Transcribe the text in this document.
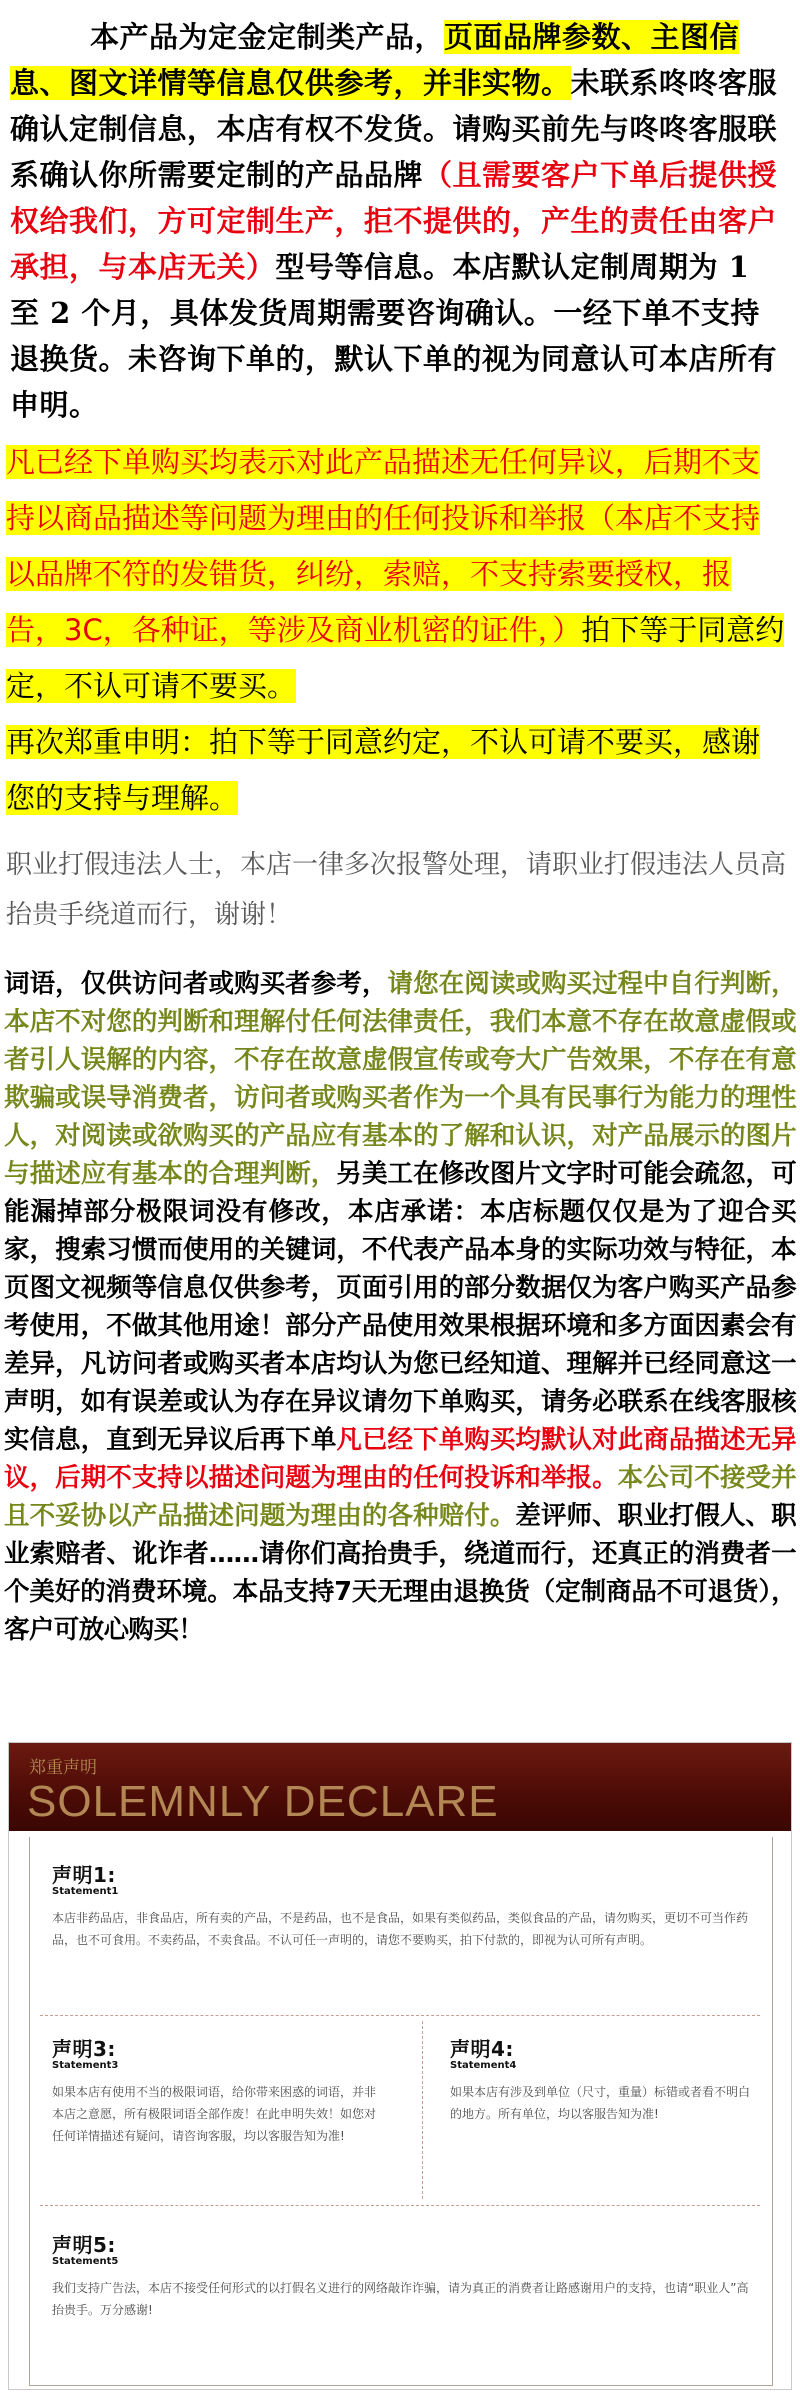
本产品为定金定制类产品，页面品牌参数、主图信息、图文详情等信息仅供参考，并非实物。未联系咚咚客服确认定制信息，本店有权不发货。请购买前先与咚咚客服联系确认你所需要定制的产品品牌（且需要客户下单后提供授权给我们，方可定制生产，拒不提供的，产生的责任由客户承担，与本店无关）型号等信息。本店默认定制周期为 1 至 2 个月，具体发货周期需要咨询确认。一经下单不支持退换货。未咨询下单的，默认下单的视为同意认可本店所有申明。

凡已经下单购买均表示对此产品描述无任何异议，后期不支持以商品描述等问题为理由的任何投诉和举报（本店不支持以品牌不符的发错货，纠纷，索赔，不支持索要授权，报告，3C，各种证，等涉及商业机密的证件，）拍下等于同意约定，不认可请不要买。

再次郑重申明：拍下等于同意约定，不认可请不要买，感谢您的支持与理解。

职业打假违法人士，本店一律多次报警处理，请职业打假违法人员高抬贵手绕道而行，谢谢！

词语，仅供访问者或购买者参考，请您在阅读或购买过程中自行判断，本店不对您的判断和理解付任何法律责任，我们本意不存在故意虚假或者引人误解的内容，不存在故意虚假宣传或夸大广告效果，不存在有意欺骗或误导消费者，访问者或购买者作为一个具有民事行为能力的理性人，对阅读或欲购买的产品应有基本的了解和认识，对产品展示的图片与描述应有基本的合理判断，另美工在修改图片文字时可能会疏忽，可能漏掉部分极限词没有修改，本店承诺：本店标题仅仅是为了迎合买家，搜索习惯而使用的关键词，不代表产品本身的实际功效与特征，本页图文视频等信息仅供参考，页面引用的部分数据仅为客户购买产品参考使用，不做其他用途！部分产品使用效果根据环境和多方面因素会有差异，凡访问者或购买者本店均认为您已经知道、理解并已经同意这一声明，如有误差或认为存在异议请勿下单购买，请务必联系在线客服核实信息，直到无异议后再下单凡已经下单购买均默认对此商品描述无异议，后期不支持以描述问题为理由的任何投诉和举报。本公司不接受并且不妥协以产品描述问题为理由的各种赔付。差评师、职业打假人、职业索赔者、讹诈者……请你们高抬贵手，绕道而行，还真正的消费者一个美好的消费环境。本品支持7天无理由退换货（定制商品不可退货），客户可放心购买！
郑重声明
SOLEMNLY DECLARE
声明1:
Statement1
本店非药品店，非食品店，所有卖的产品，不是药品，也不是食品，如果有类似药品，类似食品的产品，请勿购买，更切不可当作药品，也不可食用。不卖药品，不卖食品。不认可任一声明的，请您不要购买，拍下付款的，即视为认可所有声明。
声明3:
Statement3
如果本店有使用不当的极限词语，给你带来困惑的词语，并非本店之意愿，所有极限词语全部作废！在此申明失效！如您对任何详情描述有疑问，请咨询客服，均以客服告知为准!
声明4:
Statement4
如果本店有涉及到单位（尺寸，重量）标错或者看不明白的地方。所有单位，均以客服告知为准!
声明5:
Statement5
我们支持广告法，本店不接受任何形式的以打假名义进行的网络敲诈诈骗，请为真正的消费者让路感谢用户的支持，也请“职业人”高抬贵手。万分感谢!
